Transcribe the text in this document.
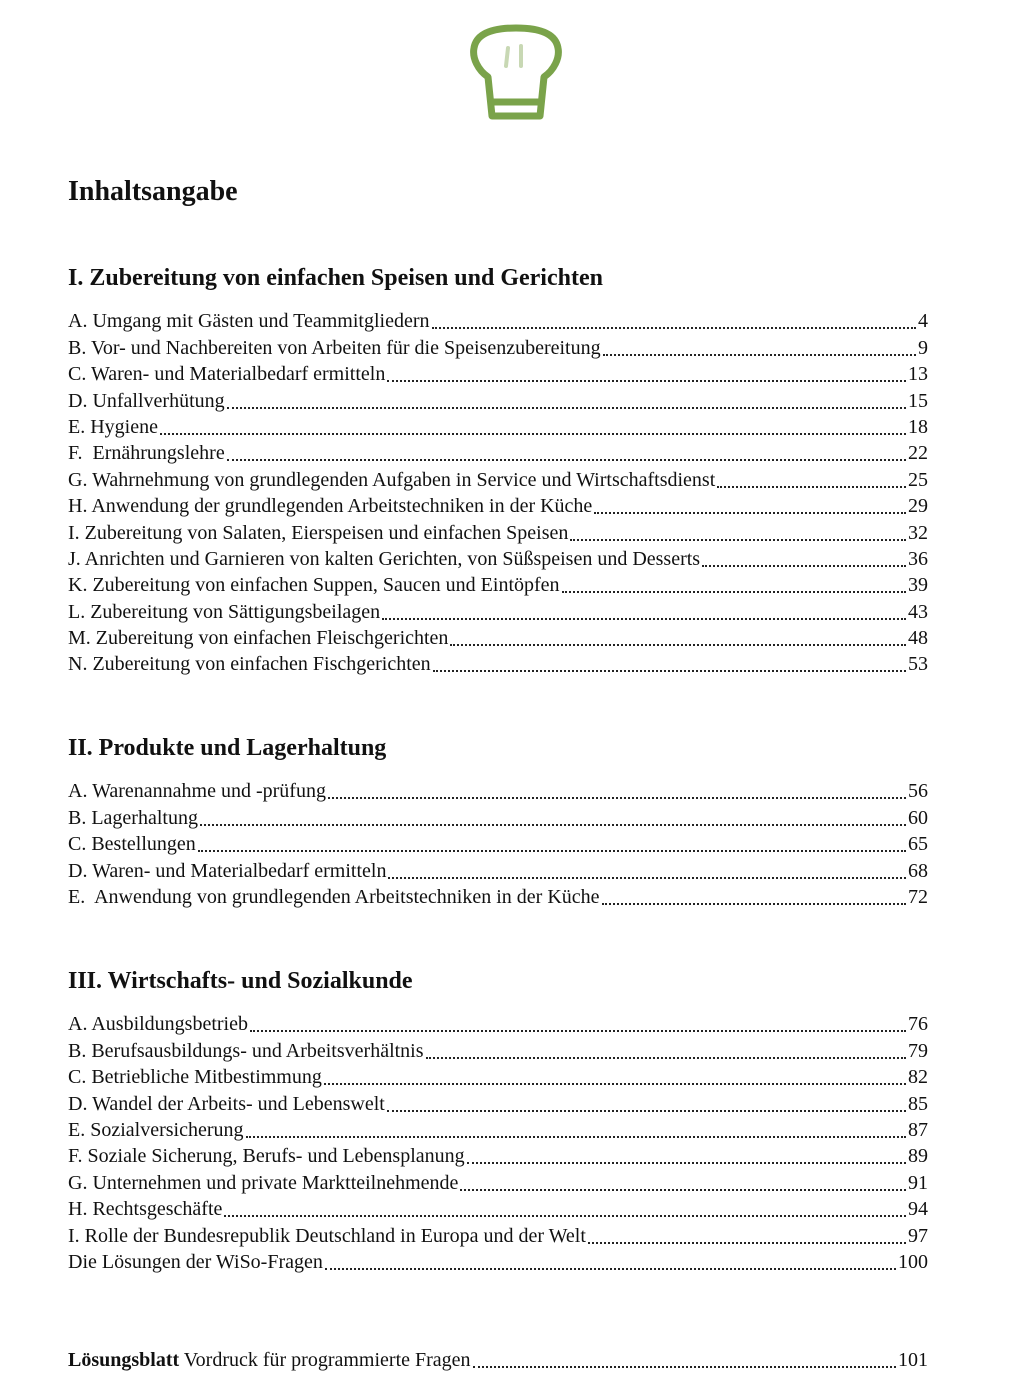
Inhaltsangabe
I. Zubereitung von einfachen Speisen und Gerichten
A. Umgang mit Gästen und Teammitgliedern	4
B. Vor- und Nachbereiten von Arbeiten für die Speisenzubereitung	9
C. Waren- und Materialbedarf ermitteln	13
D. Unfallverhütung	15
E. Hygiene	18
F.  Ernährungslehre	22
G. Wahrnehmung von grundlegenden Aufgaben in Service und Wirtschaftsdienst	25
H. Anwendung der grundlegenden Arbeitstechniken in der Küche	29
I. Zubereitung von Salaten, Eierspeisen und einfachen Speisen	32
J. Anrichten und Garnieren von kalten Gerichten, von Süßspeisen und Desserts	36
K. Zubereitung von einfachen Suppen, Saucen und Eintöpfen	39
L. Zubereitung von Sättigungsbeilagen	43
M. Zubereitung von einfachen Fleischgerichten	48
N. Zubereitung von einfachen Fischgerichten	53
II. Produkte und Lagerhaltung
A. Warenannahme und -prüfung	56
B. Lagerhaltung	60
C. Bestellungen	65
D. Waren- und Materialbedarf ermitteln	68
E.  Anwendung von grundlegenden Arbeitstechniken in der Küche	72
III. Wirtschafts- und Sozialkunde
A. Ausbildungsbetrieb	76
B. Berufsausbildungs- und Arbeitsverhältnis	79
C. Betriebliche Mitbestimmung	82
D. Wandel der Arbeits- und Lebenswelt	85
E. Sozialversicherung	87
F. Soziale Sicherung, Berufs- und Lebensplanung	89
G. Unternehmen und private Marktteilnehmende	91
H. Rechtsgeschäfte	94
I. Rolle der Bundesrepublik Deutschland in Europa und der Welt	97
Die Lösungen der WiSo-Fragen	100
Lösungsblatt Vordruck für programmierte Fragen	101
